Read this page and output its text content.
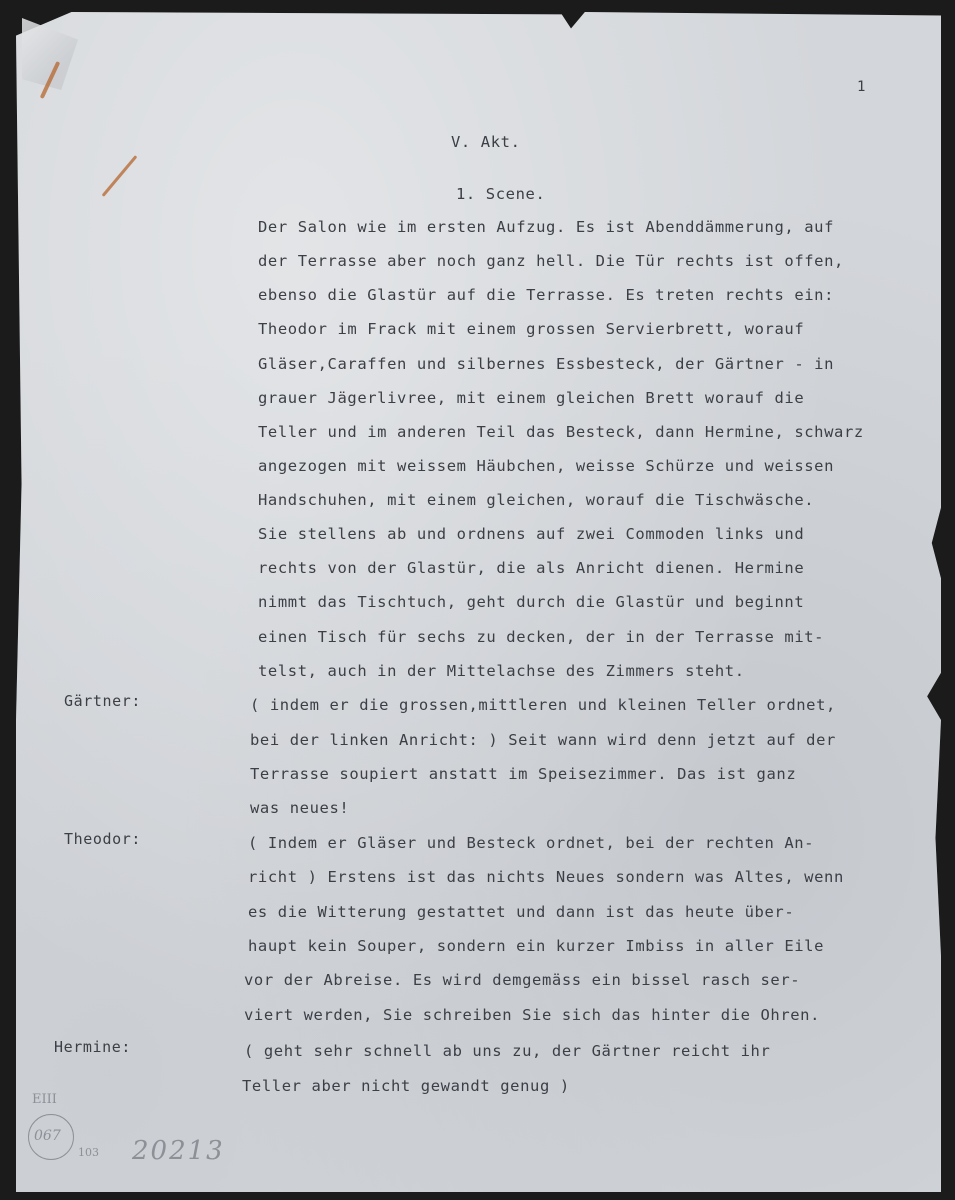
1
V. Akt.
1. Scene.
Der Salon wie im ersten Aufzug. Es ist Abenddämmerung, auf
der Terrasse aber noch ganz hell. Die Tür rechts ist offen,
ebenso die Glastür auf die Terrasse. Es treten rechts ein:
Theodor im Frack mit einem grossen Servierbrett, worauf
Gläser,Caraffen und silbernes Essbesteck, der Gärtner - in
grauer Jägerlivree, mit einem gleichen Brett worauf die
Teller und im anderen Teil das Besteck, dann Hermine, schwarz
angezogen mit weissem Häubchen, weisse Schürze und weissen
Handschuhen, mit einem gleichen, worauf die Tischwäsche.
Sie stellens ab und ordnens auf zwei Commoden links und
rechts von der Glastür, die als Anricht dienen. Hermine
nimmt das Tischtuch, geht durch die Glastür und beginnt
einen Tisch für sechs zu decken, der in der Terrasse mit-
telst, auch in der Mittelachse des Zimmers steht.
Gärtner:	( indem er die grossen,mittleren und kleinen Teller ordnet,
bei der linken Anricht: ) Seit wann wird denn jetzt auf der
Terrasse soupiert anstatt im Speisezimmer. Das ist ganz
was neues!
Theodor:	( Indem er Gläser und Besteck ordnet, bei der rechten An-
richt ) Erstens ist das nichts Neues sondern was Altes, wenn
es die Witterung gestattet und dann ist das heute über-
haupt kein Souper, sondern ein kurzer Imbiss in aller Eile
vor der Abreise. Es wird demgemäss ein bissel rasch ser-
viert werden, Sie schreiben Sie sich das hinter die Ohren.
Hermine:	( geht sehr schnell ab uns zu, der Gärtner reicht ihr
Teller aber nicht gewandt genug )
EIII
067
103 20213
